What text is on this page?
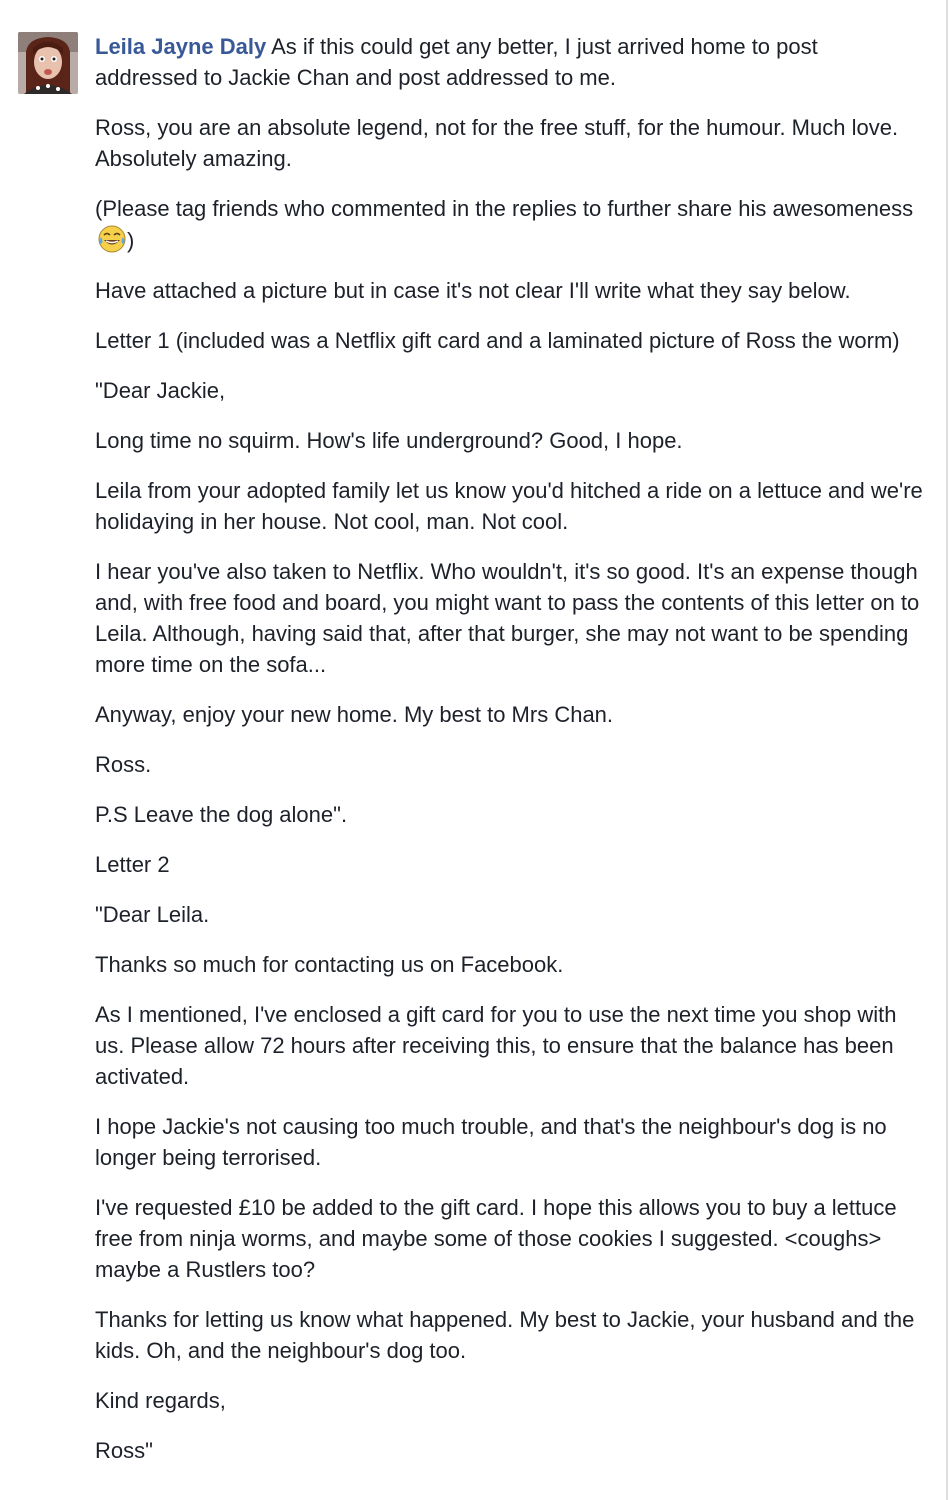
Leila Jayne Daly As if this could get any better, I just arrived home to post addressed to Jackie Chan and post addressed to me.

Ross, you are an absolute legend, not for the free stuff, for the humour. Much love. Absolutely amazing.

(Please tag friends who commented in the replies to further share his awesomeness )

Have attached a picture but in case it's not clear I'll write what they say below.

Letter 1 (included was a Netflix gift card and a laminated picture of Ross the worm)

"Dear Jackie,

Long time no squirm. How's life underground? Good, I hope.

Leila from your adopted family let us know you'd hitched a ride on a lettuce and we're holidaying in her house. Not cool, man. Not cool.

I hear you've also taken to Netflix. Who wouldn't, it's so good. It's an expense though and, with free food and board, you might want to pass the contents of this letter on to Leila. Although, having said that, after that burger, she may not want to be spending more time on the sofa...

Anyway, enjoy your new home. My best to Mrs Chan.

Ross.

P.S Leave the dog alone".

Letter 2

"Dear Leila.

Thanks so much for contacting us on Facebook.

As I mentioned, I've enclosed a gift card for you to use the next time you shop with us. Please allow 72 hours after receiving this, to ensure that the balance has been activated.

I hope Jackie's not causing too much trouble, and that's the neighbour's dog is no longer being terrorised.

I've requested £10 be added to the gift card. I hope this allows you to buy a lettuce free from ninja worms, and maybe some of those cookies I suggested. <coughs> maybe a Rustlers too?

Thanks for letting us know what happened. My best to Jackie, your husband and the kids. Oh, and the neighbour's dog too.

Kind regards,

Ross"
